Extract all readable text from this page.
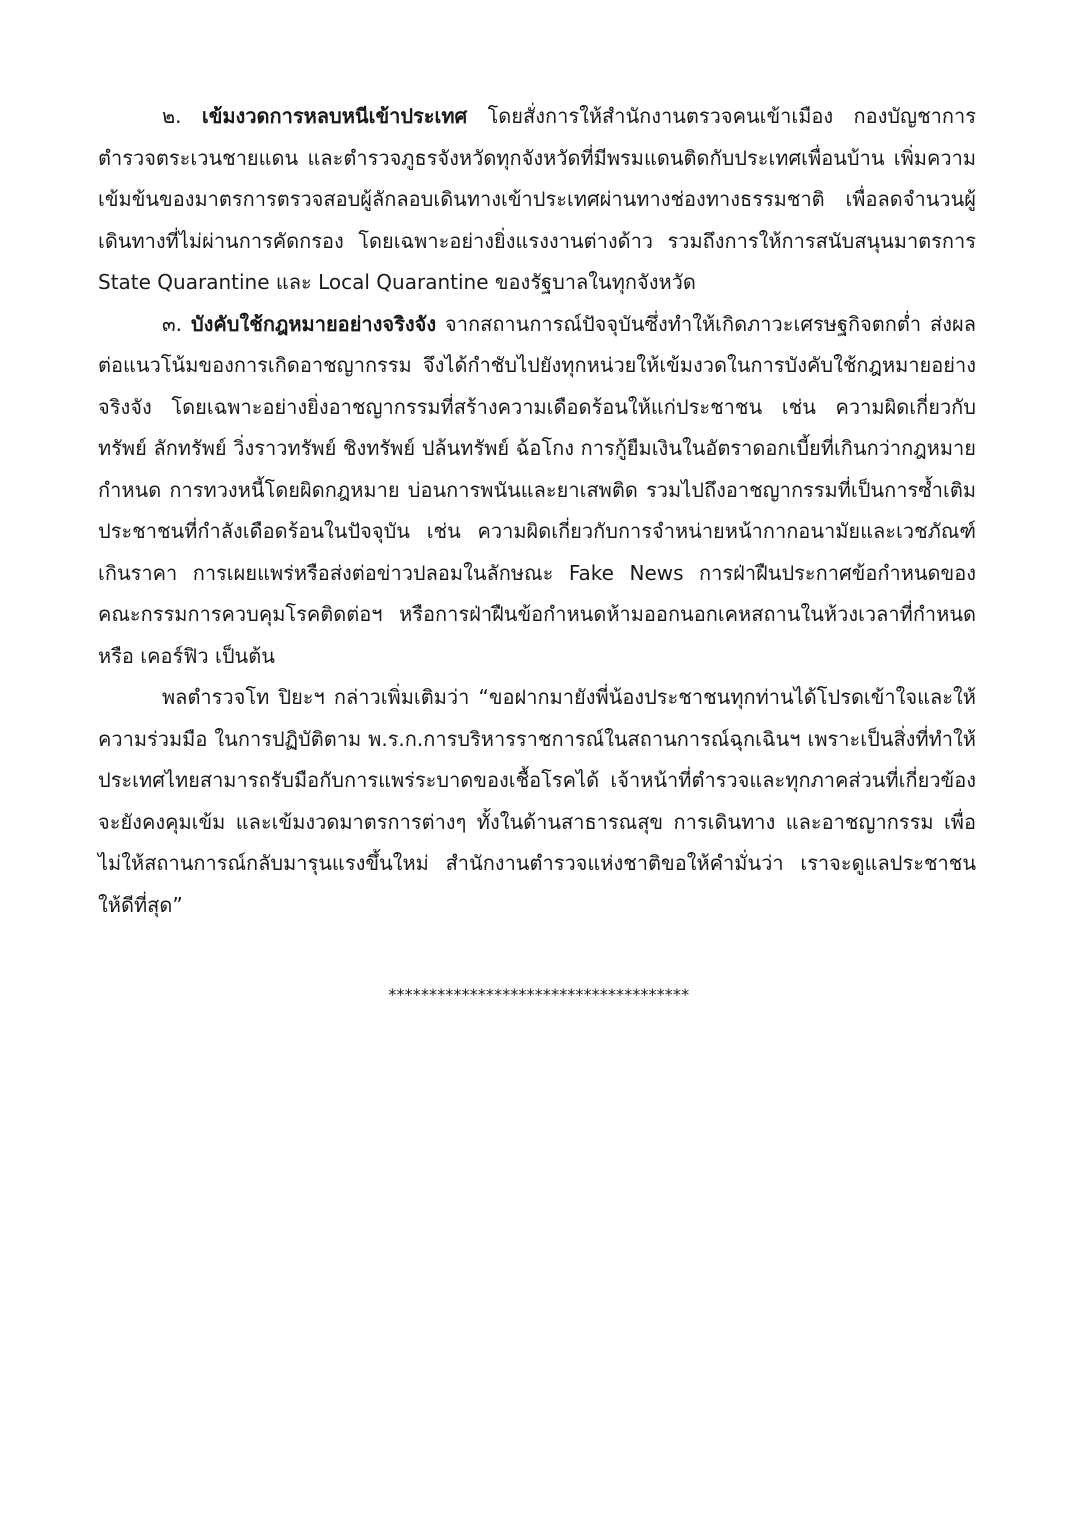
๒. เข้มงวดการหลบหนีเข้าประเทศ โดยสั่งการให้สำนักงานตรวจคนเข้าเมือง กองบัญชาการตำรวจตระเวนชายแดน และตำรวจภูธรจังหวัดทุกจังหวัดที่มีพรมแดนติดกับประเทศเพื่อนบ้าน เพิ่มความเข้มข้นของมาตรการตรวจสอบผู้ลักลอบเดินทางเข้าประเทศผ่านทางช่องทางธรรมชาติ เพื่อลดจำนวนผู้เดินทางที่ไม่ผ่านการคัดกรอง โดยเฉพาะอย่างยิ่งแรงงานต่างด้าว รวมถึงการให้การสนับสนุนมาตรการ State Quarantine และ Local Quarantine ของรัฐบาลในทุกจังหวัด

๓. บังคับใช้กฎหมายอย่างจริงจัง จากสถานการณ์ปัจจุบันซึ่งทำให้เกิดภาวะเศรษฐกิจตกต่ำ ส่งผลต่อแนวโน้มของการเกิดอาชญากรรม จึงได้กำชับไปยังทุกหน่วยให้เข้มงวดในการบังคับใช้กฎหมายอย่างจริงจัง โดยเฉพาะอย่างยิ่งอาชญากรรมที่สร้างความเดือดร้อนให้แก่ประชาชน เช่น ความผิดเกี่ยวกับทรัพย์ ลักทรัพย์ วิ่งราวทรัพย์ ชิงทรัพย์ ปล้นทรัพย์ ฉ้อโกง การกู้ยืมเงินในอัตราดอกเบี้ยที่เกินกว่ากฎหมายกำหนด การทวงหนี้โดยผิดกฎหมาย บ่อนการพนันและยาเสพติด รวมไปถึงอาชญากรรมที่เป็นการซ้ำเติมประชาชนที่กำลังเดือดร้อนในปัจจุบัน เช่น ความผิดเกี่ยวกับการจำหน่ายหน้ากากอนามัยและเวชภัณฑ์เกินราคา การเผยแพร่หรือส่งต่อข่าวปลอมในลักษณะ Fake News การฝ่าฝืนประกาศข้อกำหนดของคณะกรรมการควบคุมโรคติดต่อฯ หรือการฝ่าฝืนข้อกำหนดห้ามออกนอกเคหสถานในห้วงเวลาที่กำหนด หรือ เคอร์ฟิว เป็นต้น

พลตำรวจโท ปิยะฯ กล่าวเพิ่มเติมว่า “ขอฝากมายังพี่น้องประชาชนทุกท่านได้โปรดเข้าใจและให้ความร่วมมือ ในการปฏิบัติตาม พ.ร.ก.การบริหารราชการณ์ในสถานการณ์ฉุกเฉินฯ เพราะเป็นสิ่งที่ทำให้ประเทศไทยสามารถรับมือกับการแพร่ระบาดของเชื้อโรคได้ เจ้าหน้าที่ตำรวจและทุกภาคส่วนที่เกี่ยวข้องจะยังคงคุมเข้ม และเข้มงวดมาตรการต่างๆ ทั้งในด้านสาธารณสุข การเดินทาง และอาชญากรรม เพื่อไม่ให้สถานการณ์กลับมารุนแรงขึ้นใหม่ สำนักงานตำรวจแห่งชาติขอให้คำมั่นว่า เราจะดูแลประชาชนให้ดีที่สุด”

*************************************
